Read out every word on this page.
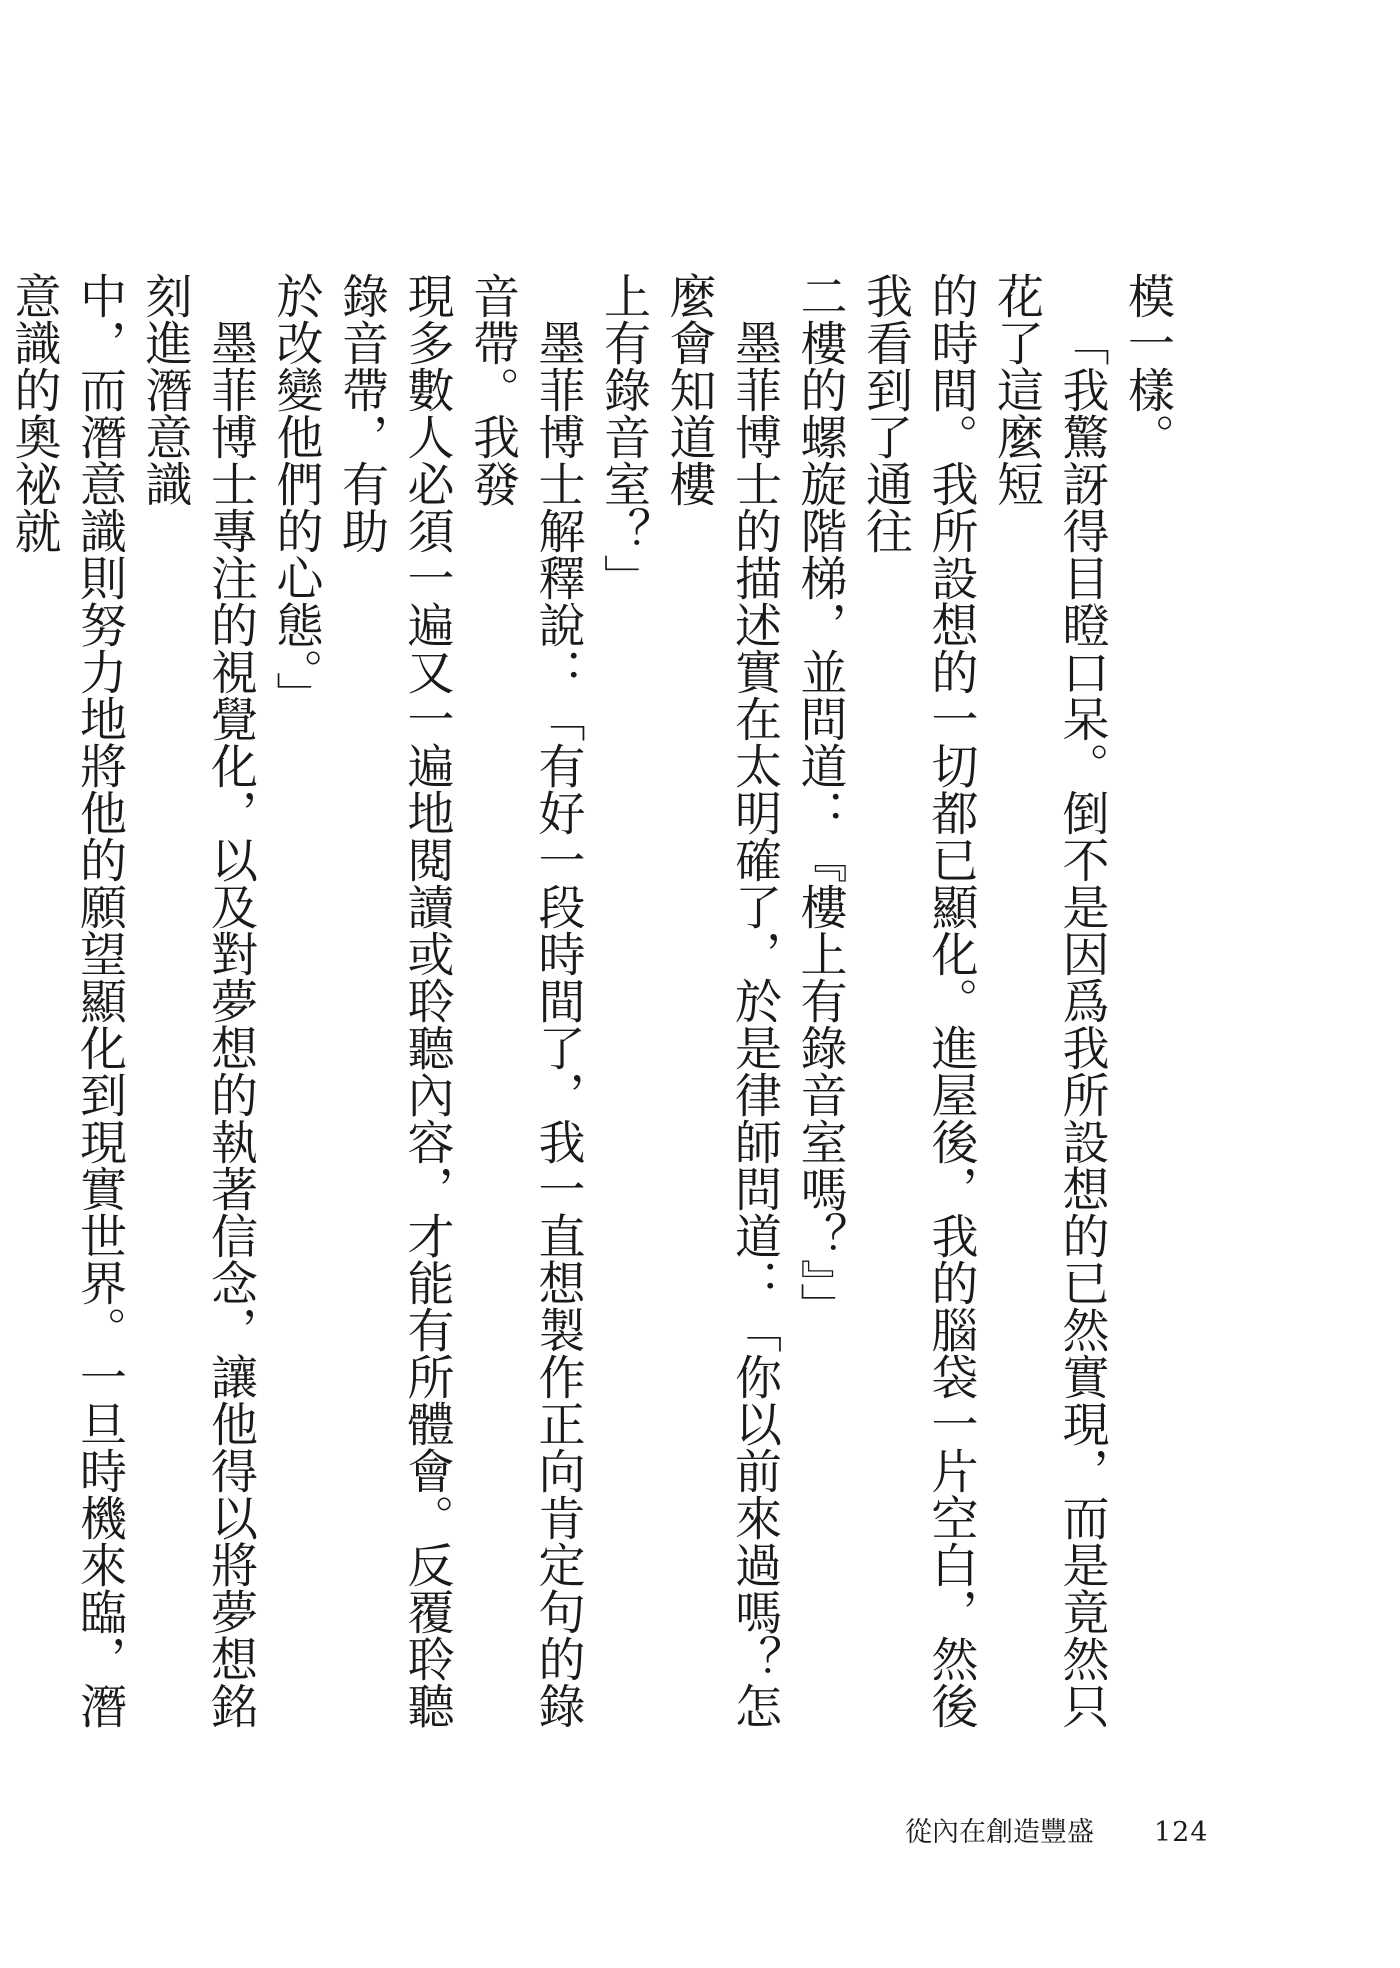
模一樣。

「我驚訝得目瞪口呆。倒不是因爲我所設想的已然實現，而是竟然只花了這麼短
的時間。我所設想的一切都已顯化。進屋後，我的腦袋一片空白，然後我看到了通往
二樓的螺旋階梯，並問道：『樓上有錄音室嗎？』」

墨菲博士的描述實在太明確了，於是律師問道：「你以前來過嗎？怎麼會知道樓
上有錄音室？」

墨菲博士解釋說：「有好一段時間了，我一直想製作正向肯定句的錄音帶。我發
現多數人必須一遍又一遍地閱讀或聆聽內容，才能有所體會。反覆聆聽錄音帶，有助
於改變他們的心態。」

墨菲博士專注的視覺化，以及對夢想的執著信念，讓他得以將夢想銘刻進潛意識
中，而潛意識則努力地將他的願望顯化到現實世界。一旦時機來臨，潛意識的奧祕就

從內在創造豐盛 124
